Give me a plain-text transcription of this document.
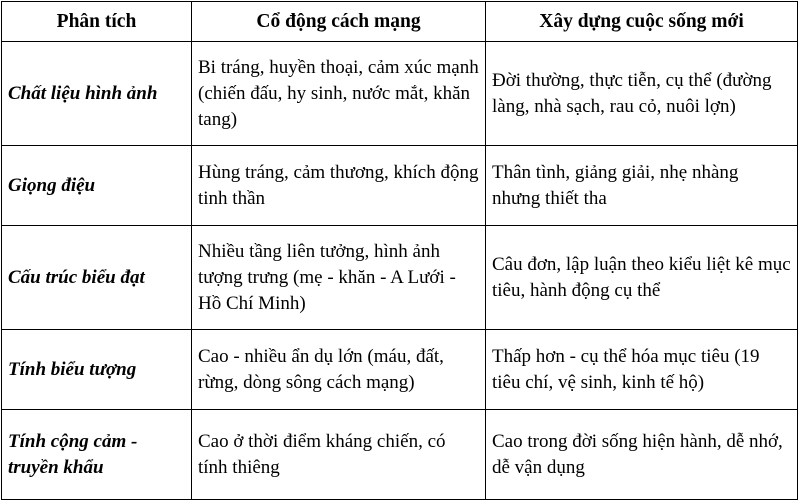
Phân tích	Cổ động cách mạng	Xây dựng cuộc sống mới
Chất liệu hình ảnh	Bi tráng, huyền thoại, cảm xúc mạnh (chiến đấu, hy sinh, nước mắt, khăn tang)	Đời thường, thực tiễn, cụ thể (đường làng, nhà sạch, rau cỏ, nuôi lợn)
Giọng điệu	Hùng tráng, cảm thương, khích động tinh thần	Thân tình, giảng giải, nhẹ nhàng nhưng thiết tha
Cấu trúc biểu đạt	Nhiều tầng liên tưởng, hình ảnh tượng trưng (mẹ - khăn - A Lưới - Hồ Chí Minh)	Câu đơn, lập luận theo kiểu liệt kê mục tiêu, hành động cụ thể
Tính biểu tượng	Cao - nhiều ẩn dụ lớn (máu, đất, rừng, dòng sông cách mạng)	Thấp hơn - cụ thể hóa mục tiêu (19 tiêu chí, vệ sinh, kinh tế hộ)
Tính cộng cảm - truyền khẩu	Cao ở thời điểm kháng chiến, có tính thiêng	Cao trong đời sống hiện hành, dễ nhớ, dễ vận dụng
